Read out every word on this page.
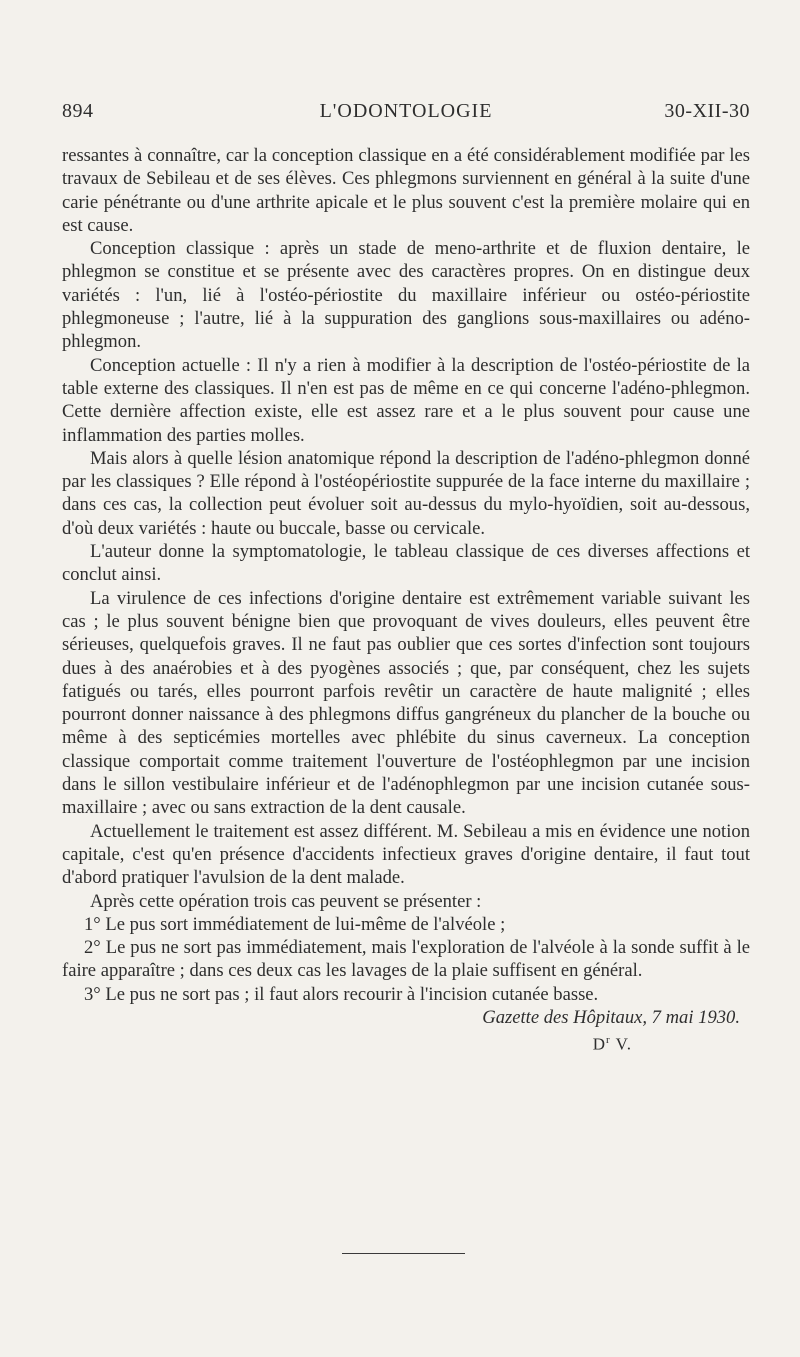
894	L'ODONTOLOGIE	30-XII-30

ressantes à connaître, car la conception classique en a été considérablement modifiée par les travaux de Sebileau et de ses élèves. Ces phlegmons surviennent en général à la suite d'une carie pénétrante ou d'une arthrite apicale et le plus souvent c'est la première molaire qui en est cause.

Conception classique : après un stade de meno-arthrite et de fluxion dentaire, le phlegmon se constitue et se présente avec des caractères propres. On en distingue deux variétés : l'un, lié à l'ostéo-périostite du maxillaire inférieur ou ostéo-périostite phlegmoneuse ; l'autre, lié à la suppuration des ganglions sous-maxillaires ou adéno-phlegmon.

Conception actuelle : Il n'y a rien à modifier à la description de l'ostéo-périostite de la table externe des classiques. Il n'en est pas de même en ce qui concerne l'adéno-phlegmon. Cette dernière affection existe, elle est assez rare et a le plus souvent pour cause une inflammation des parties molles.

Mais alors à quelle lésion anatomique répond la description de l'adéno-phlegmon donné par les classiques ? Elle répond à l'ostéopériostite suppurée de la face interne du maxillaire ; dans ces cas, la collection peut évoluer soit au-dessus du mylo-hyoïdien, soit au-dessous, d'où deux variétés : haute ou buccale, basse ou cervicale.

L'auteur donne la symptomatologie, le tableau classique de ces diverses affections et conclut ainsi.

La virulence de ces infections d'origine dentaire est extrêmement variable suivant les cas ; le plus souvent bénigne bien que provoquant de vives douleurs, elles peuvent être sérieuses, quelquefois graves. Il ne faut pas oublier que ces sortes d'infection sont toujours dues à des anaérobies et à des pyogènes associés ; que, par conséquent, chez les sujets fatigués ou tarés, elles pourront parfois revêtir un caractère de haute malignité ; elles pourront donner naissance à des phlegmons diffus gangréneux du plancher de la bouche ou même à des septicémies mortelles avec phlébite du sinus caverneux. La conception classique comportait comme traitement l'ouverture de l'ostéophlegmon par une incision dans le sillon vestibulaire inférieur et de l'adénophlegmon par une incision cutanée sous-maxillaire ; avec ou sans extraction de la dent causale.

Actuellement le traitement est assez différent. M. Sebileau a mis en évidence une notion capitale, c'est qu'en présence d'accidents infectieux graves d'origine dentaire, il faut tout d'abord pratiquer l'avulsion de la dent malade.

Après cette opération trois cas peuvent se présenter :

1° Le pus sort immédiatement de lui-même de l'alvéole ;

2° Le pus ne sort pas immédiatement, mais l'exploration de l'alvéole à la sonde suffit à le faire apparaître ; dans ces deux cas les lavages de la plaie suffisent en général.

3° Le pus ne sort pas ; il faut alors recourir à l'incision cutanée basse.

Gazette des Hôpitaux, 7 mai 1930.
$D^r$ V.
